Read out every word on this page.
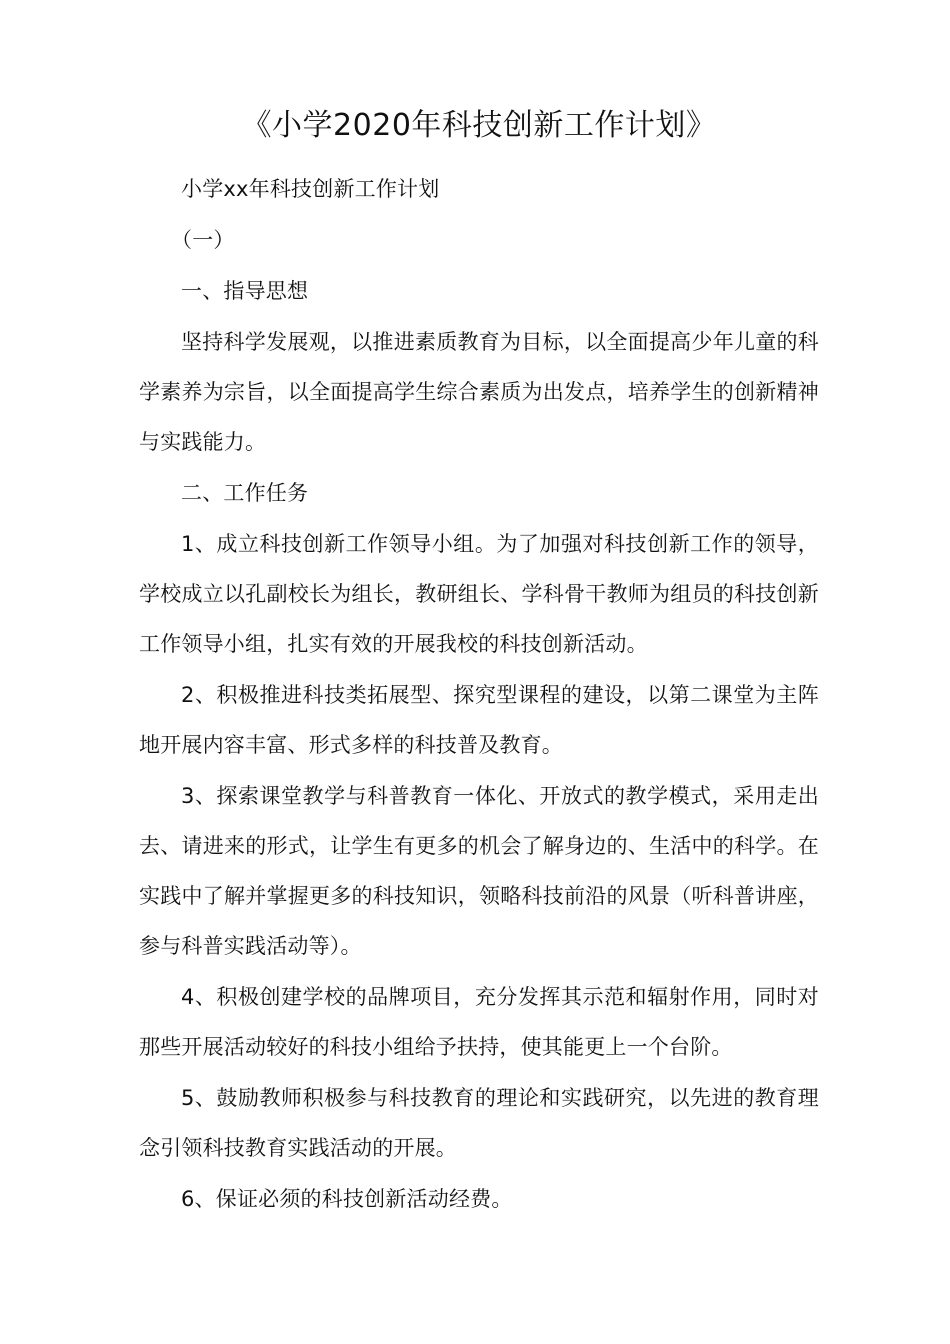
《小学2020年科技创新工作计划》

小学xx年科技创新工作计划

（一）

一、指导思想

坚持科学发展观，以推进素质教育为目标，以全面提高少年儿童的科学素养为宗旨，以全面提高学生综合素质为出发点，培养学生的创新精神与实践能力。

二、工作任务

1、成立科技创新工作领导小组。为了加强对科技创新工作的领导，学校成立以孔副校长为组长，教研组长、学科骨干教师为组员的科技创新工作领导小组，扎实有效的开展我校的科技创新活动。

2、积极推进科技类拓展型、探究型课程的建设，以第二课堂为主阵地开展内容丰富、形式多样的科技普及教育。

3、探索课堂教学与科普教育一体化、开放式的教学模式，采用走出去、请进来的形式，让学生有更多的机会了解身边的、生活中的科学。在实践中了解并掌握更多的科技知识，领略科技前沿的风景（听科普讲座，参与科普实践活动等）。

4、积极创建学校的品牌项目，充分发挥其示范和辐射作用，同时对那些开展活动较好的科技小组给予扶持，使其能更上一个台阶。

5、鼓励教师积极参与科技教育的理论和实践研究，以先进的教育理念引领科技教育实践活动的开展。

6、保证必须的科技创新活动经费。
